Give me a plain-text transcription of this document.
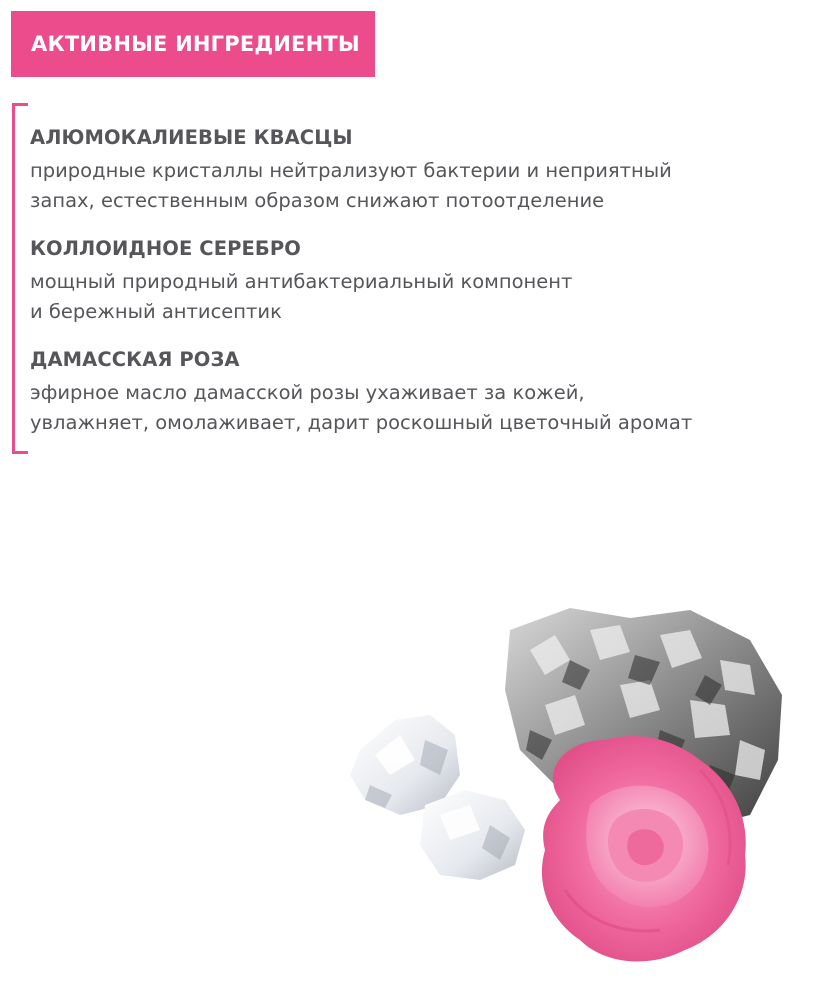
АКТИВНЫЕ ИНГРЕДИЕНТЫ
АЛЮМОКАЛИЕВЫЕ КВАСЦЫ
природные кристаллы нейтрализуют бактерии и неприятный
запах, естественным образом снижают потоотделение
КОЛЛОИДНОЕ СЕРЕБРО
мощный природный антибактериальный компонент
и бережный антисептик
ДАМАССКАЯ РОЗА
эфирное масло дамасской розы ухаживает за кожей,
увлажняет, омолаживает, дарит роскошный цветочный аромат
